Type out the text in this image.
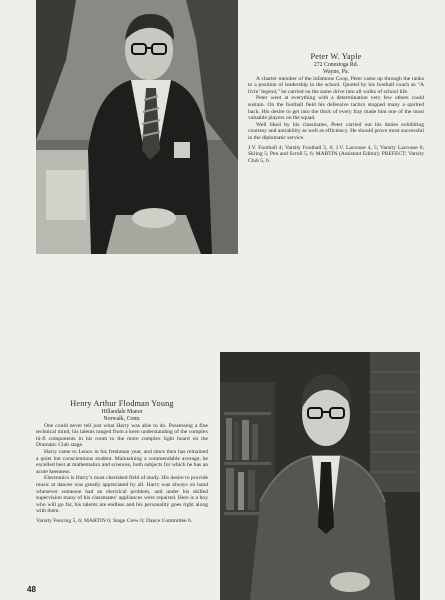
Peter W. Yaple
272 Conestoga Rd.
Wayne, Pa.

A charter member of the infamous Coop, Peter came up through the ranks to a position of leadership in the school. Quoted by his football coach as “A livin’ legend,” he carried on the same drive into all walks of school life.

Peter went at everything with a determination very few others could sustain. On the football field his defensive tactics stopped many a spirited back. His desire to get into the thick of every fray made him one of the most valuable players on the squad.

Well liked by his classmates, Peter carried out his duties exhibiting courtesy and amiability as well as efficiency. He should prove most successful in the diplomatic service.

J.V. Football 4; Varsity Football 5, 6; J.V. Lacrosse 4, 5; Varsity Lacrosse 6; Skiing 5; Pen and Scroll 5, 6; MARTIN (Assistant Editor); PREFECT; Varsity Club 5, 6.
Henry Arthur Flodman Young
Hillandale Manor
Norwalk, Conn.

One could never tell just what Harry was able to do. Possessing a fine technical mind, his talents ranged from a keen understanding of the complex hi-fi components in his room to the more complex light board on the Dramatic Club stage.

Harry came to Lenox in his freshman year, and since then has remained a quiet but conscientious student. Maintaining a commendable average, he excelled best at mathematics and sciences, both subjects for which he has an acute keenness.

Electronics is Harry’s most cherished field of study. His desire to provide music at dances was greatly appreciated by all. Harry was always on hand whenever someone had an electrical problem, and under his skilled supervision many of his classmates’ appliances were repaired. Here is a boy who will go far, his talents are endless and his personality goes right along with them.

Varsity Fencing 5, 6; MARTIN 6; Stage Crew 6; Dance Committee 6.
48
